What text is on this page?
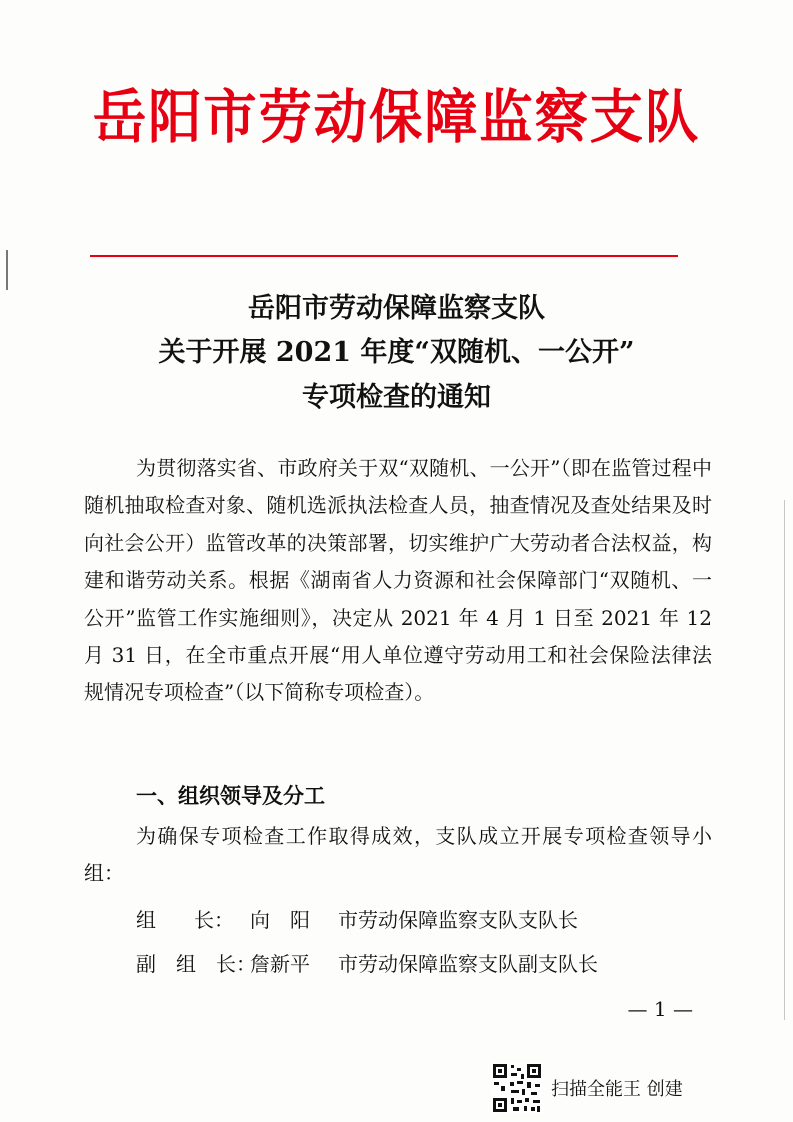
岳阳市劳动保障监察支队
岳阳市劳动保障监察支队
关于开展 2021 年度“双随机、一公开”
专项检查的通知
为贯彻落实省、市政府关于双“双随机、一公开”（即在监管过程中随机抽取检查对象、随机选派执法检查人员，抽查情况及查处结果及时向社会公开）监管改革的决策部署，切实维护广大劳动者合法权益，构建和谐劳动关系。根据《湖南省人力资源和社会保障部门“双随机、一公开”监管工作实施细则》，决定从 2021 年 4 月 1 日至 2021 年 12 月 31 日，在全市重点开展“用人单位遵守劳动用工和社会保险法律法规情况专项检查”（以下简称专项检查）。
一、组织领导及分工
为确保专项检查工作取得成效，支队成立开展专项检查领导小组：
组 长： 向　阳	市劳动保障监察支队支队长
副　组　长：
詹新平	市劳动保障监察支队副支队长
— 1 —
扫描全能王 创建
